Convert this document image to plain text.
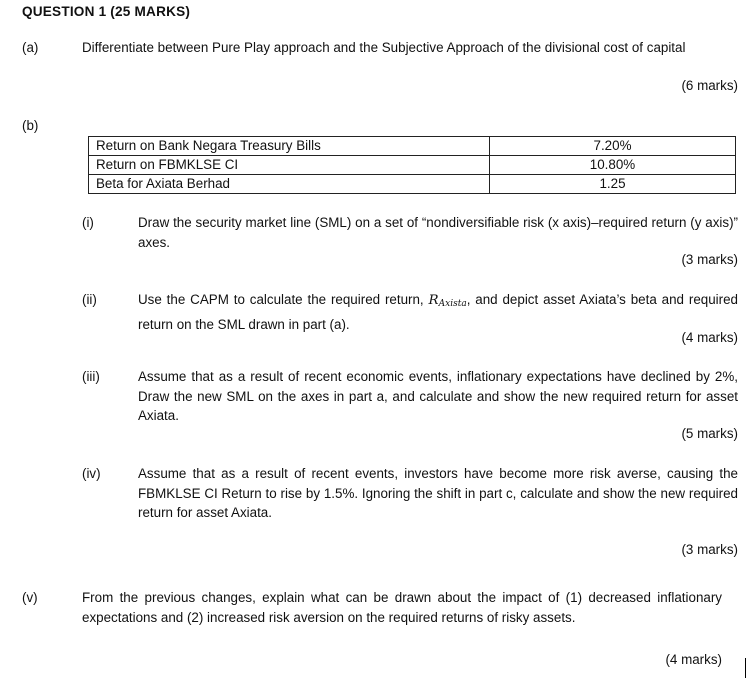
QUESTION 1 (25 MARKS)
(a)	Differentiate between Pure Play approach and the Subjective Approach of the divisional cost of capital
(6 marks)
(b)
Return on Bank Negara Treasury Bills	7.20%
Return on FBMKLSE CI	10.80%
Beta for Axiata Berhad	1.25
(i)	Draw the security market line (SML) on a set of “nondiversifiable risk (x axis)–required return (y axis)” axes.
(3 marks)
(ii)	Use the CAPM to calculate the required return, $R_{Axista}$, and depict asset Axiata’s beta and required return on the SML drawn in part (a).
(4 marks)
(iii)	Assume that as a result of recent economic events, inflationary expectations have declined by 2%, Draw the new SML on the axes in part a, and calculate and show the new required return for asset Axiata.
(5 marks)
(iv)	Assume that as a result of recent events, investors have become more risk averse, causing the FBMKLSE CI Return to rise by 1.5%. Ignoring the shift in part c, calculate and show the new required return for asset Axiata.
(3 marks)
(v)	From the previous changes, explain what can be drawn about the impact of (1) decreased inflationary expectations and (2) increased risk aversion on the required returns of risky assets.
(4 marks)
